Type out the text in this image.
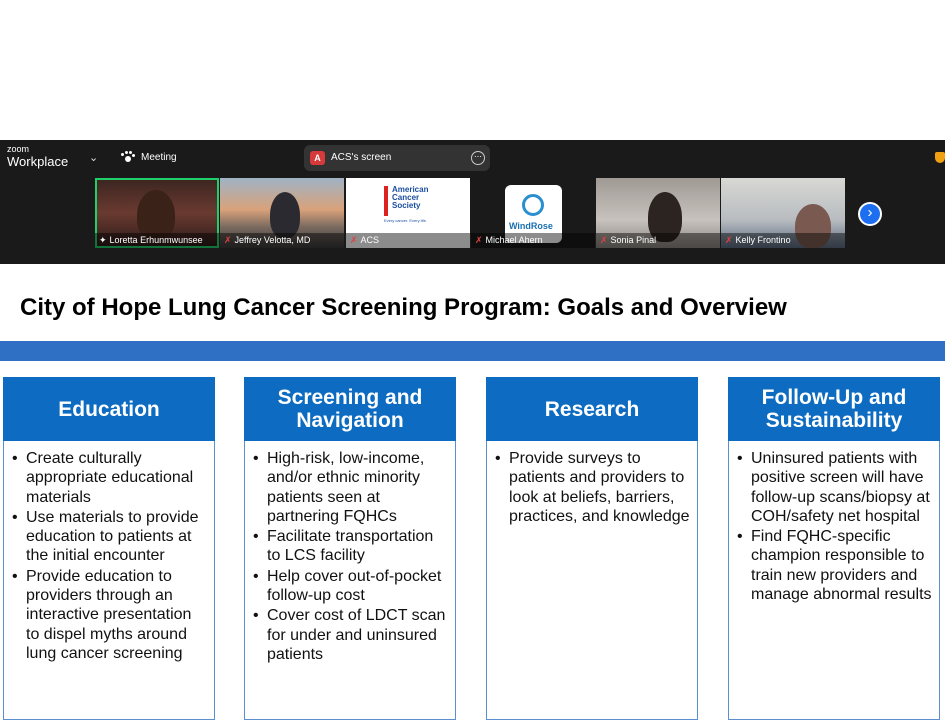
zoom
Workplace ⌄	Meeting	A	ACS's screen	⋯
✦ Loretta Erhunmwunsee	✗ Jeffrey Velotta, MD
American
Cancer
Society
Every cancer. Every life.
✗ ACS
WindRose
✗ Michael Ahern	✗ Sonia Pinal	✗ Kelly Frontino
›
City of Hope Lung Cancer Screening Program: Goals and Overview
Education
• Create culturally appropriate educational materials
• Use materials to provide education to patients at the initial encounter
• Provide education to providers through an interactive presentation to dispel myths around lung cancer screening
Screening and Navigation
• High-risk, low-income, and/or ethnic minority patients seen at partnering FQHCs
• Facilitate transportation to LCS facility
• Help cover out-of-pocket follow-up cost
• Cover cost of LDCT scan for under and uninsured patients
Research
• Provide surveys to patients and providers to look at beliefs, barriers, practices, and knowledge
Follow-Up and Sustainability
• Uninsured patients with positive screen will have follow-up scans/biopsy at COH/safety net hospital
• Find FQHC-specific champion responsible to train new providers and manage abnormal results
